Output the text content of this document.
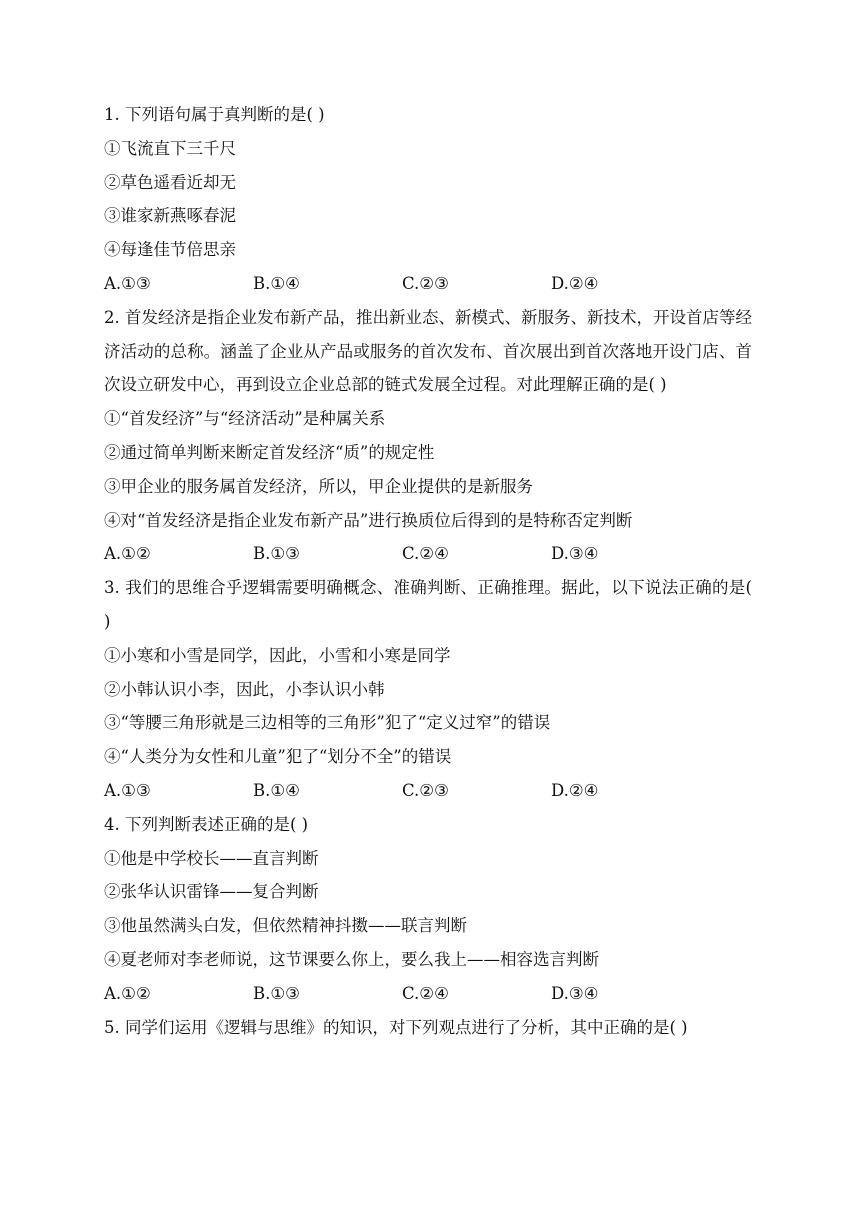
1. 下列语句属于真判断的是( )
①飞流直下三千尺
②草色遥看近却无
③谁家新燕啄春泥
④每逢佳节倍思亲
A.①③	B.①④	C.②③	D.②④
2. 首发经济是指企业发布新产品，推出新业态、新模式、新服务、新技术，开设首店等经济活动的总称。涵盖了企业从产品或服务的首次发布、首次展出到首次落地开设门店、首次设立研发中心，再到设立企业总部的链式发展全过程。对此理解正确的是( )
①“首发经济”与“经济活动”是种属关系
②通过简单判断来断定首发经济“质”的规定性
③甲企业的服务属首发经济，所以，甲企业提供的是新服务
④对“首发经济是指企业发布新产品”进行换质位后得到的是特称否定判断
A.①②	B.①③	C.②④	D.③④
3. 我们的思维合乎逻辑需要明确概念、准确判断、正确推理。据此，以下说法正确的是( )
①小寒和小雪是同学，因此，小雪和小寒是同学
②小韩认识小李，因此，小李认识小韩
③“等腰三角形就是三边相等的三角形”犯了“定义过窄”的错误
④“人类分为女性和儿童”犯了“划分不全”的错误
A.①③	B.①④	C.②③	D.②④
4. 下列判断表述正确的是( )
①他是中学校长——直言判断
②张华认识雷锋——复合判断
③他虽然满头白发，但依然精神抖擞——联言判断
④夏老师对李老师说，这节课要么你上，要么我上——相容选言判断
A.①②	B.①③	C.②④	D.③④
5. 同学们运用《逻辑与思维》的知识，对下列观点进行了分析，其中正确的是( )
